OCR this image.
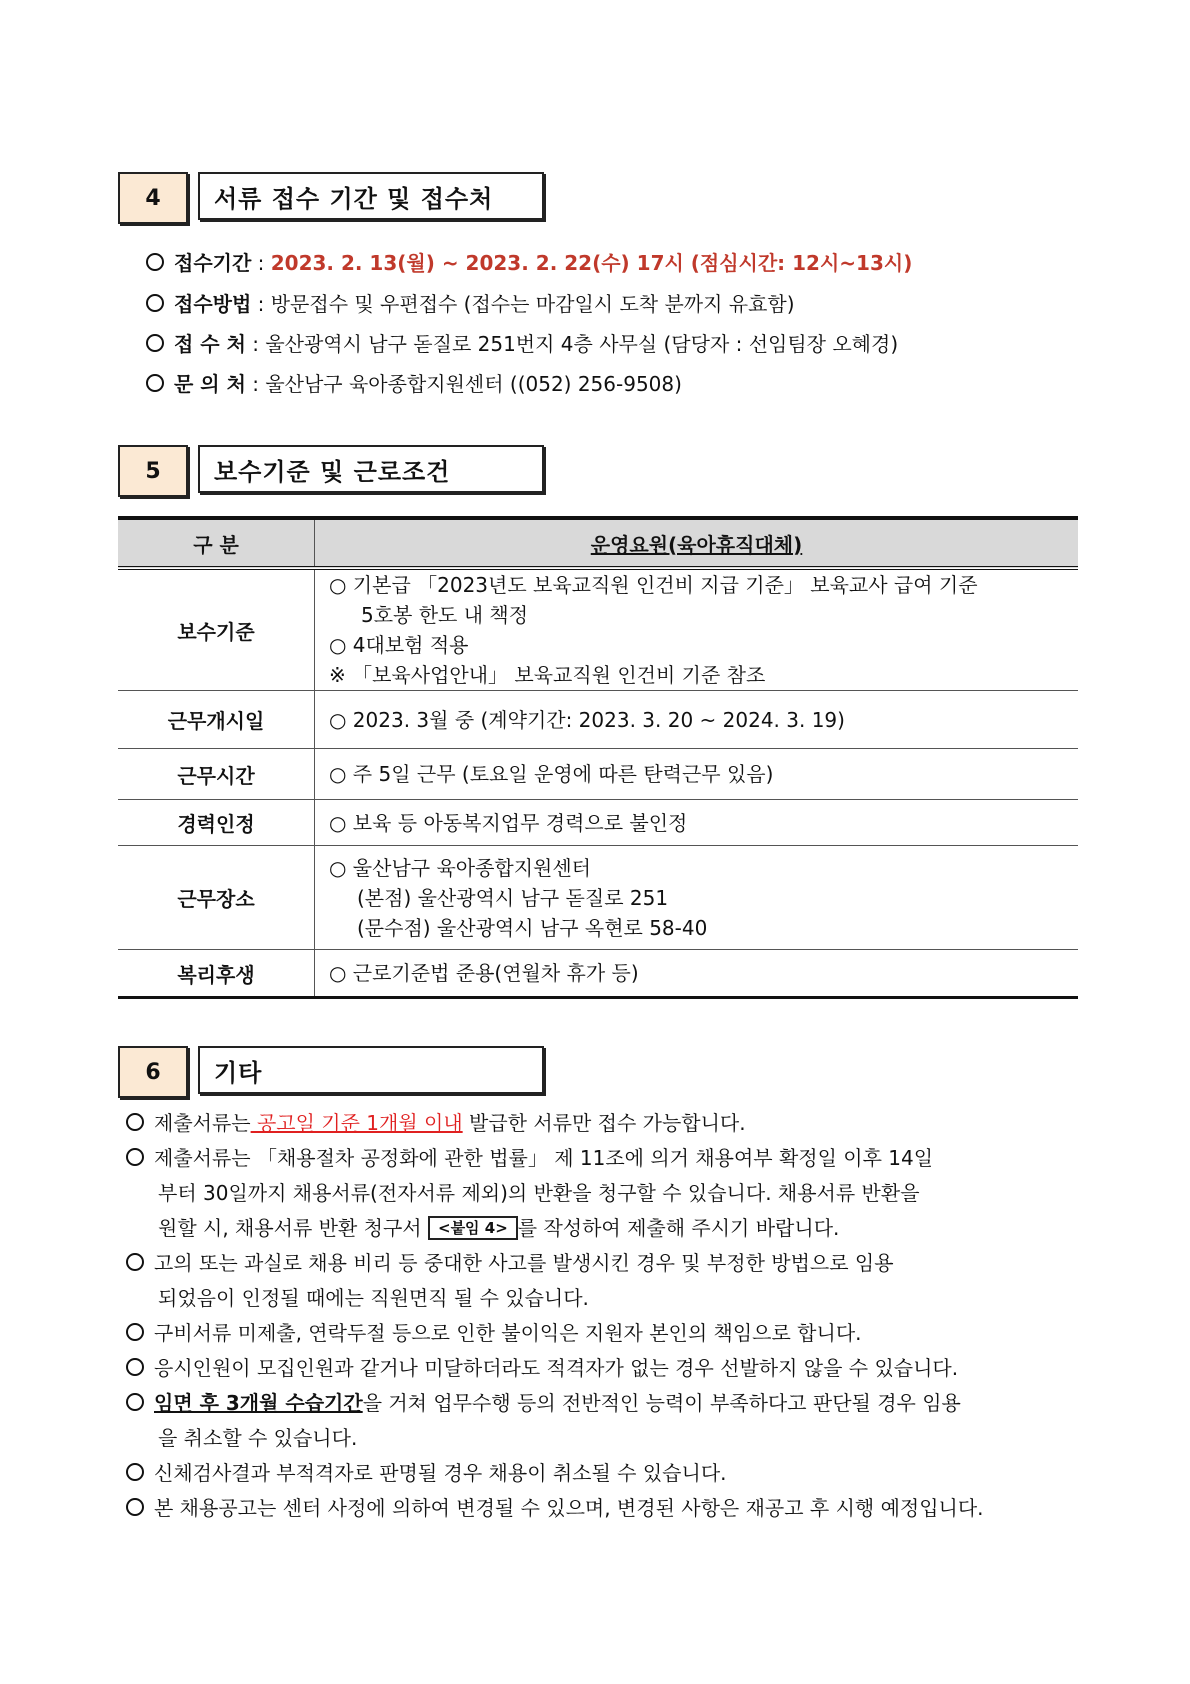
4	서류 접수 기간 및 접수처
접수기간 : 2023. 2. 13(월) ~ 2023. 2. 22(수) 17시 (점심시간: 12시~13시)
접수방법 : 방문접수 및 우편접수 (접수는 마감일시 도착 분까지 유효함)
접 수 처 : 울산광역시 남구 돋질로 251번지 4층 사무실 (담당자 : 선임팀장 오혜경)
문 의 처 : 울산남구 육아종합지원센터 ((052) 256-9508)
5	보수기준 및 근로조건
구 분	운영요원(육아휴직대체)
보수기준	○ 기본급 「2023년도 보육교직원 인건비 지급 기준」 보육교사 급여 기준
5호봉 한도 내 책정
○ 4대보험 적용
※ 「보육사업안내」 보육교직원 인건비 기준 참조

근무개시일	○ 2023. 3월 중 (계약기간: 2023. 3. 20 ~ 2024. 3. 19)
근무시간	○ 주 5일 근무 (토요일 운영에 따른 탄력근무 있음)
경력인정	○ 보육 등 아동복지업무 경력으로 불인정
근무장소	○ 울산남구 육아종합지원센터
(본점) 울산광역시 남구 돋질로 251
(문수점) 울산광역시 남구 옥현로 58-40

복리후생	○ 근로기준법 준용(연월차 휴가 등)
6	기타
제출서류는 공고일 기준 1개월 이내 발급한 서류만 접수 가능합니다.
제출서류는 「채용절차 공정화에 관한 법률」 제 11조에 의거 채용여부 확정일 이후 14일
부터 30일까지 채용서류(전자서류 제외)의 반환을 청구할 수 있습니다. 채용서류 반환을
원할 시, 채용서류 반환 청구서 <붙임 4> 를 작성하여 제출해 주시기 바랍니다.
고의 또는 과실로 채용 비리 등 중대한 사고를 발생시킨 경우 및 부정한 방법으로 임용
되었음이 인정될 때에는 직원면직 될 수 있습니다.
구비서류 미제출, 연락두절 등으로 인한 불이익은 지원자 본인의 책임으로 합니다.
응시인원이 모집인원과 같거나 미달하더라도 적격자가 없는 경우 선발하지 않을 수 있습니다.
임면 후 3개월 수습기간을 거쳐 업무수행 등의 전반적인 능력이 부족하다고 판단될 경우 임용
을 취소할 수 있습니다.
신체검사결과 부적격자로 판명될 경우 채용이 취소될 수 있습니다.
본 채용공고는 센터 사정에 의하여 변경될 수 있으며, 변경된 사항은 재공고 후 시행 예정입니다.
